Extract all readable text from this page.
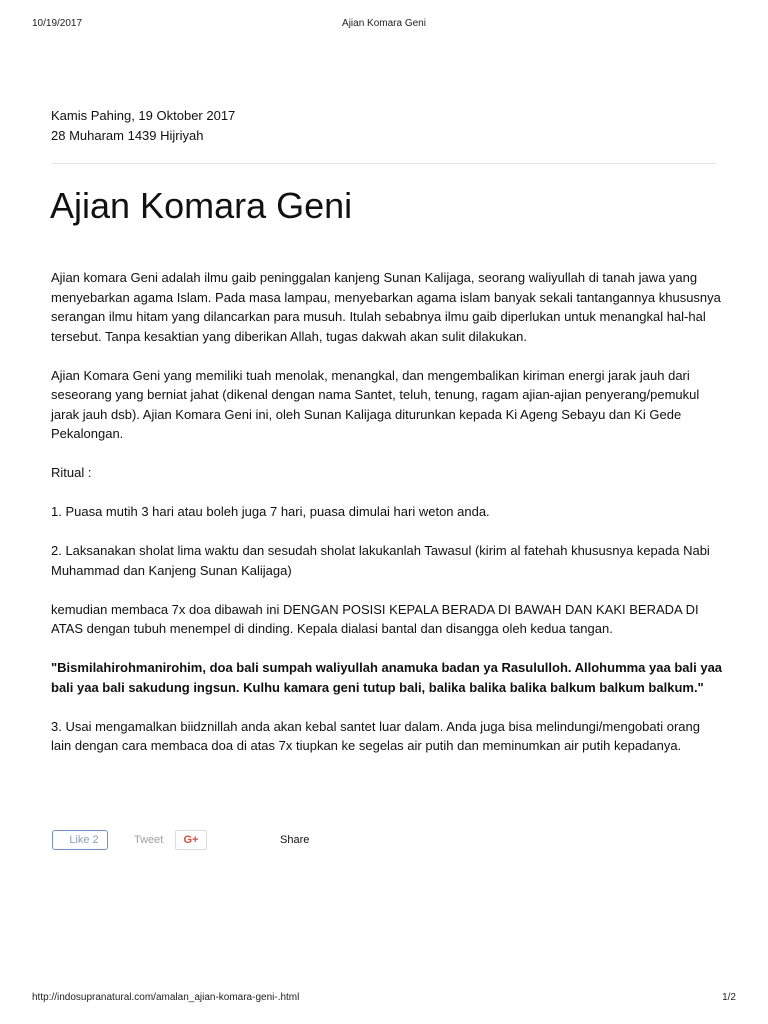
10/19/2017	Ajian Komara Geni
Kamis Pahing, 19 Oktober 2017
28 Muharam 1439 Hijriyah
Ajian Komara Geni

Ajian komara Geni adalah ilmu gaib peninggalan kanjeng Sunan Kalijaga, seorang waliyullah di tanah jawa yang menyebarkan agama Islam. Pada masa lampau, menyebarkan agama islam banyak sekali tantangannya khususnya serangan ilmu hitam yang dilancarkan para musuh. Itulah sebabnya ilmu gaib diperlukan untuk menangkal hal-hal tersebut. Tanpa kesaktian yang diberikan Allah, tugas dakwah akan sulit dilakukan.

Ajian Komara Geni yang memiliki tuah menolak, menangkal, dan mengembalikan kiriman energi jarak jauh dari seseorang yang berniat jahat (dikenal dengan nama Santet, teluh, tenung, ragam ajian-ajian penyerang/pemukul jarak jauh dsb). Ajian Komara Geni ini, oleh Sunan Kalijaga diturunkan kepada Ki Ageng Sebayu dan Ki Gede Pekalongan.

Ritual :

1. Puasa mutih 3 hari atau boleh juga 7 hari, puasa dimulai hari weton anda.

2. Laksanakan sholat lima waktu dan sesudah sholat lakukanlah Tawasul (kirim al fatehah khususnya kepada Nabi Muhammad dan Kanjeng Sunan Kalijaga)

kemudian membaca 7x doa dibawah ini DENGAN POSISI KEPALA BERADA DI BAWAH DAN KAKI BERADA DI ATAS dengan tubuh menempel di dinding. Kepala dialasi bantal dan disangga oleh kedua tangan.

"Bismilahirohmanirohim, doa bali sumpah waliyullah anamuka badan ya Rasululloh. Allohumma yaa bali yaa bali yaa bali sakudung ingsun. Kulhu kamara geni tutup bali, balika balika balika balkum balkum balkum."

3. Usai mengamalkan biidznillah anda akan kebal santet luar dalam. Anda juga bisa melindungi/mengobati orang lain dengan cara membaca doa di atas 7x tiupkan ke segelas air putih dan meminumkan air putih kepadanya.

Like 2	Tweet	G+	Share
http://indosupranatural.com/amalan_ajian-komara-geni-.html	1/2
